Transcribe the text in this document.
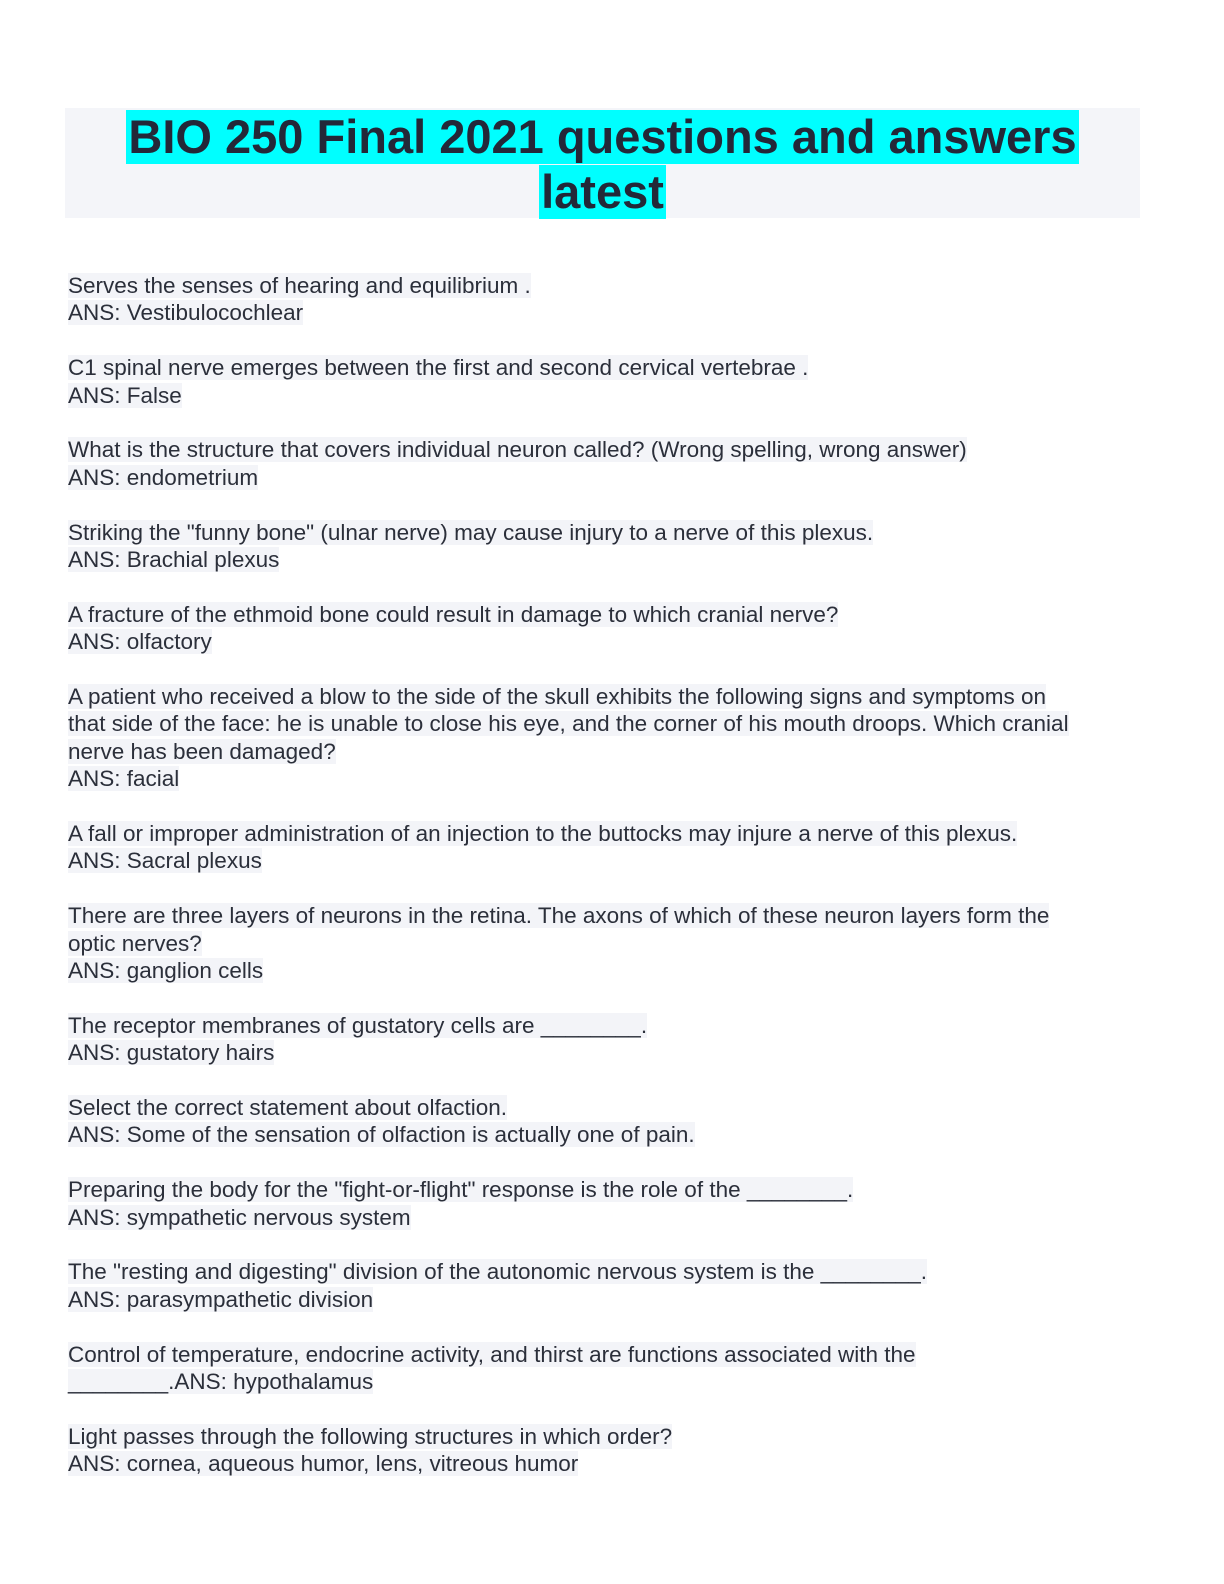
BIO 250 Final 2021 questions and answers
latest
Serves the senses of hearing and equilibrium .
ANS: Vestibulocochlear
C1 spinal nerve emerges between the first and second cervical vertebrae .
ANS: False
What is the structure that covers individual neuron called? (Wrong spelling, wrong answer)
ANS: endometrium
Striking the "funny bone" (ulnar nerve) may cause injury to a nerve of this plexus.
ANS: Brachial plexus
A fracture of the ethmoid bone could result in damage to which cranial nerve?
ANS: olfactory
A patient who received a blow to the side of the skull exhibits the following signs and symptoms on
that side of the face: he is unable to close his eye, and the corner of his mouth droops. Which cranial
nerve has been damaged?
ANS: facial
A fall or improper administration of an injection to the buttocks may injure a nerve of this plexus.
ANS: Sacral plexus
There are three layers of neurons in the retina. The axons of which of these neuron layers form the
optic nerves?
ANS: ganglion cells
The receptor membranes of gustatory cells are ________.
ANS: gustatory hairs
Select the correct statement about olfaction.
ANS: Some of the sensation of olfaction is actually one of pain.
Preparing the body for the "fight-or-flight" response is the role of the ________.
ANS: sympathetic nervous system
The "resting and digesting" division of the autonomic nervous system is the ________.
ANS: parasympathetic division
Control of temperature, endocrine activity, and thirst are functions associated with the
________.ANS: hypothalamus
Light passes through the following structures in which order?
ANS: cornea, aqueous humor, lens, vitreous humor
